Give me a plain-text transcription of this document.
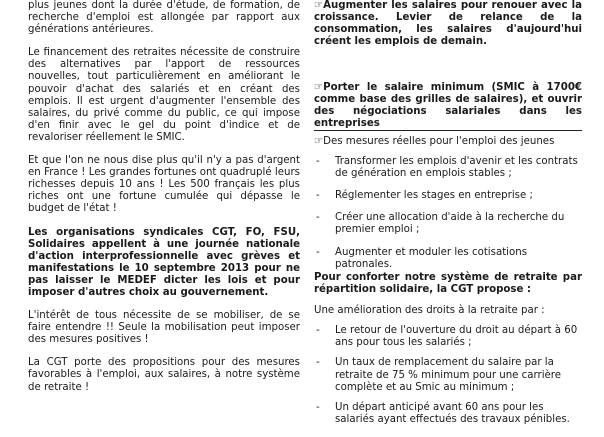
plus jeunes dont la durée d'étude, de formation, de recherche d'emploi est allongée par rapport aux générations antérieures.

Le financement des retraites nécessite de construire des alternatives par l'apport de ressources nouvelles, tout particulièrement en améliorant le pouvoir d'achat des salariés et en créant des emplois. Il est urgent d'augmenter l'ensemble des salaires, du privé comme du public, ce qui impose d'en finir avec le gel du point d'indice et de revaloriser réellement le SMIC.

Et que l'on ne nous dise plus qu'il n'y a pas d'argent en France ! Les grandes fortunes ont quadruplé leurs richesses depuis 10 ans ! Les 500 français les plus riches ont une fortune cumulée qui dépasse le budget de l'état !

Les organisations syndicales CGT, FO, FSU, Solidaires appellent à une journée nationale d'action interprofessionnelle avec grèves et manifestations le 10 septembre 2013 pour ne pas laisser le MEDEF dicter les lois et pour imposer d'autres choix au gouvernement.

L'intérêt de tous nécessite de se mobiliser, de se faire entendre !! Seule la mobilisation peut imposer des mesures positives !

La CGT porte des propositions pour des mesures favorables à l'emploi, aux salaires, à notre système de retraite !

☞Augmenter les salaires pour renouer avec la croissance. Levier de relance de la consommation, les salaires d'aujourd'hui créent les emplois de demain.

☞Porter le salaire minimum (SMIC à 1700€ comme base des grilles de salaires), et ouvrir des négociations salariales dans les entreprises

☞Des mesures réelles pour l'emploi des jeunes

- Transformer les emplois d'avenir et les contrats de génération en emplois stables ;
- Réglementer les stages en entreprise ;
- Créer une allocation d'aide à la recherche du premier emploi ;
- Augmenter et moduler les cotisations patronales.

Pour conforter notre système de retraite par répartition solidaire, la CGT propose :

Une amélioration des droits à la retraite par :

- Le retour de l'ouverture du droit au départ à 60 ans pour tous les salariés ;
- Un taux de remplacement du salaire par la retraite de 75 % minimum pour une carrière complète et au Smic au minimum ;
- Un départ anticipé avant 60 ans pour les salariés ayant effectués des travaux pénibles.
